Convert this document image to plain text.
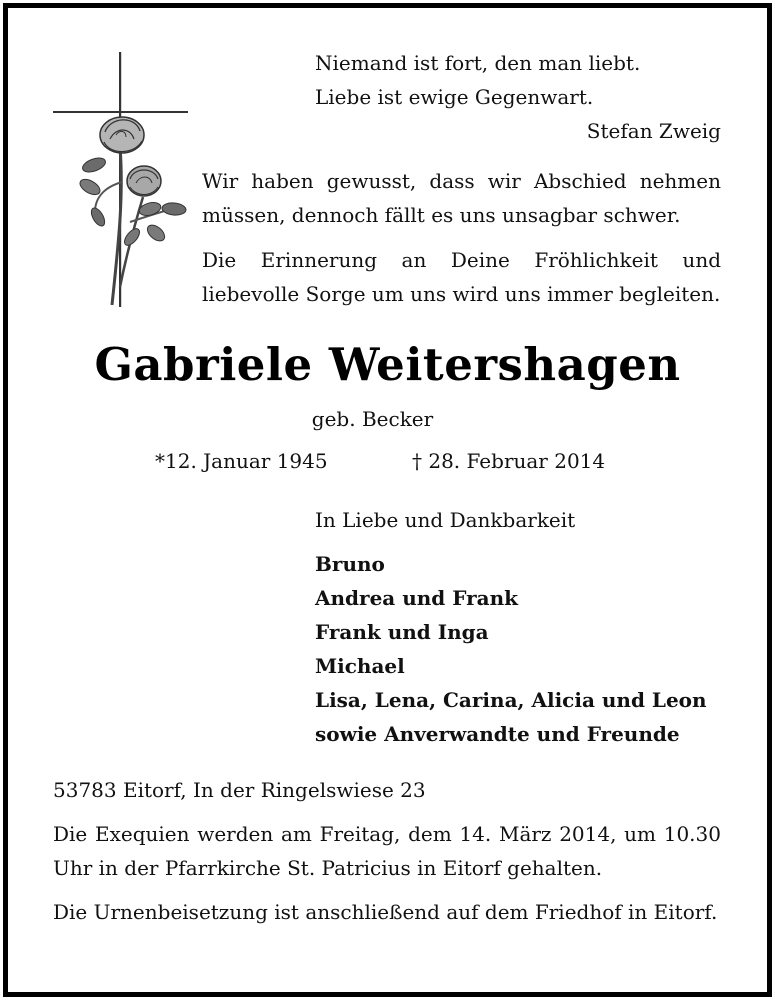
Niemand ist fort, den man liebt.
Liebe ist ewige Gegenwart.
Stefan Zweig

Wir haben gewusst, dass wir Abschied nehmen müssen, dennoch fällt es uns unsagbar schwer.

Die Erinnerung an Deine Fröhlichkeit und liebevolle Sorge um uns wird uns immer begleiten.

Gabriele Weitershagen
geb. Becker
*12. Januar 1945	† 28. Februar 2014
In Liebe und Dankbarkeit
Bruno
Andrea und Frank
Frank und Inga
Michael
Lisa, Lena, Carina, Alicia und Leon
sowie Anverwandte und Freunde

53783 Eitorf, In der Ringelswiese 23

Die Exequien werden am Freitag, dem 14. März 2014, um 10.30 Uhr in der Pfarrkirche St. Patricius in Eitorf gehalten.

Die Urnenbeisetzung ist anschließend auf dem Friedhof in Eitorf.
